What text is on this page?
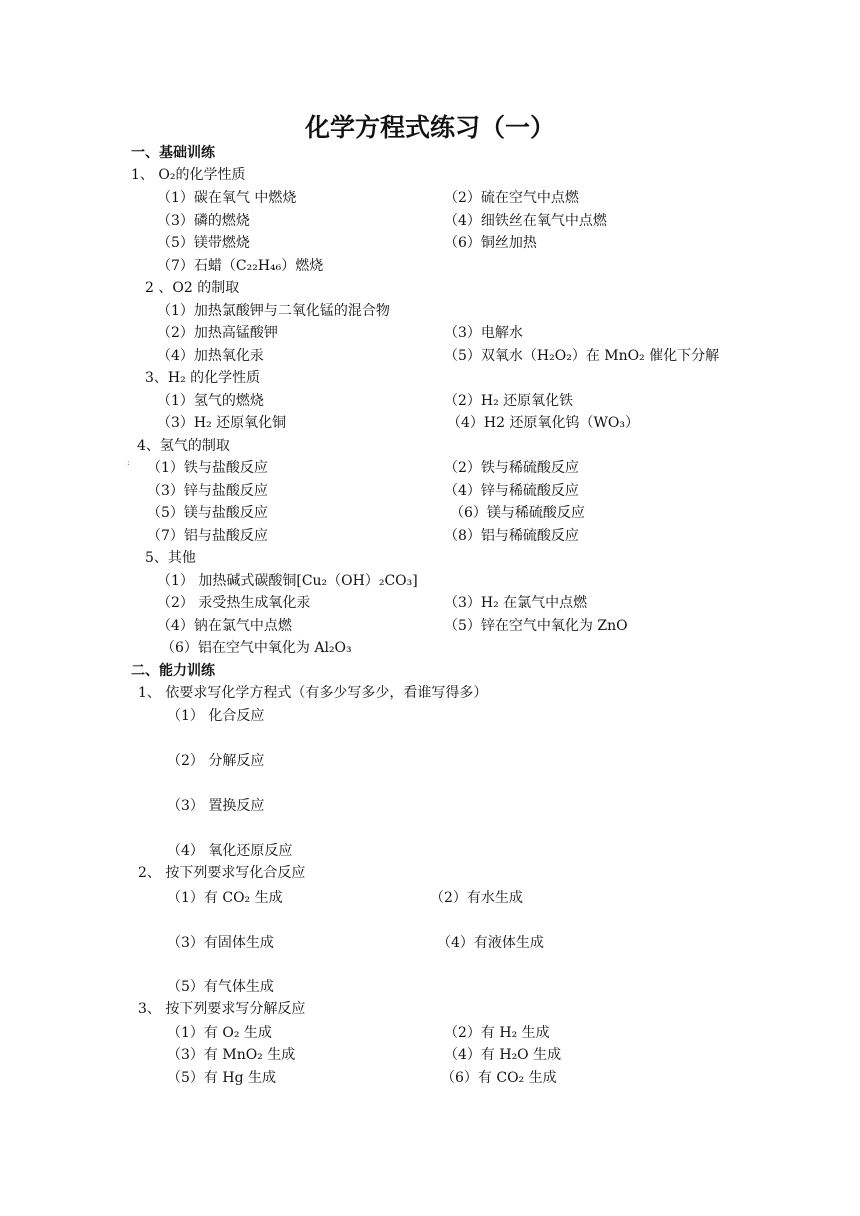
化学方程式练习（一）
一、基础训练
1、 O₂的化学性质
（1）碳在氧气 中燃烧	（2）硫在空气中点燃
（3）磷的燃烧	（4）细铁丝在氧气中点燃
（5）镁带燃烧	（6）铜丝加热
（7）石蜡（C₂₂H₄₆）燃烧
2 、O2 的制取
（1）加热氯酸钾与二氧化锰的混合物
（2）加热高锰酸钾	（3）电解水
（4）加热氧化汞	（5）双氧水（H₂O₂）在 MnO₂ 催化下分解
3、H₂ 的化学性质
（1）氢气的燃烧	（2）H₂ 还原氧化铁
（3）H₂ 还原氧化铜	（4）H2 还原氧化钨（WO₃）
4、氢气的制取
（1）铁与盐酸反应	（2）铁与稀硫酸反应
（3）锌与盐酸反应	（4）锌与稀硫酸反应
（5）镁与盐酸反应	（6）镁与稀硫酸反应
（7）铝与盐酸反应	（8）铝与稀硫酸反应
5、其他
（1） 加热碱式碳酸铜[Cu₂（OH）₂CO₃]
（2） 汞受热生成氧化汞	（3）H₂ 在氯气中点燃
（4）钠在氯气中点燃	（5）锌在空气中氧化为 ZnO
（6）铝在空气中氧化为 Al₂O₃
二、能力训练
1、 依要求写化学方程式（有多少写多少，看谁写得多）
（1） 化合反应
（2） 分解反应
（3） 置换反应
（4） 氧化还原反应
2、 按下列要求写化合反应
（1）有 CO₂ 生成	（2）有水生成
（3）有固体生成	（4）有液体生成
（5）有气体生成
3、 按下列要求写分解反应
（1）有 O₂ 生成	（2）有 H₂ 生成
（3）有 MnO₂ 生成	（4）有 H₂O 生成
（5）有 Hg 生成	（6）有 CO₂ 生成
:
